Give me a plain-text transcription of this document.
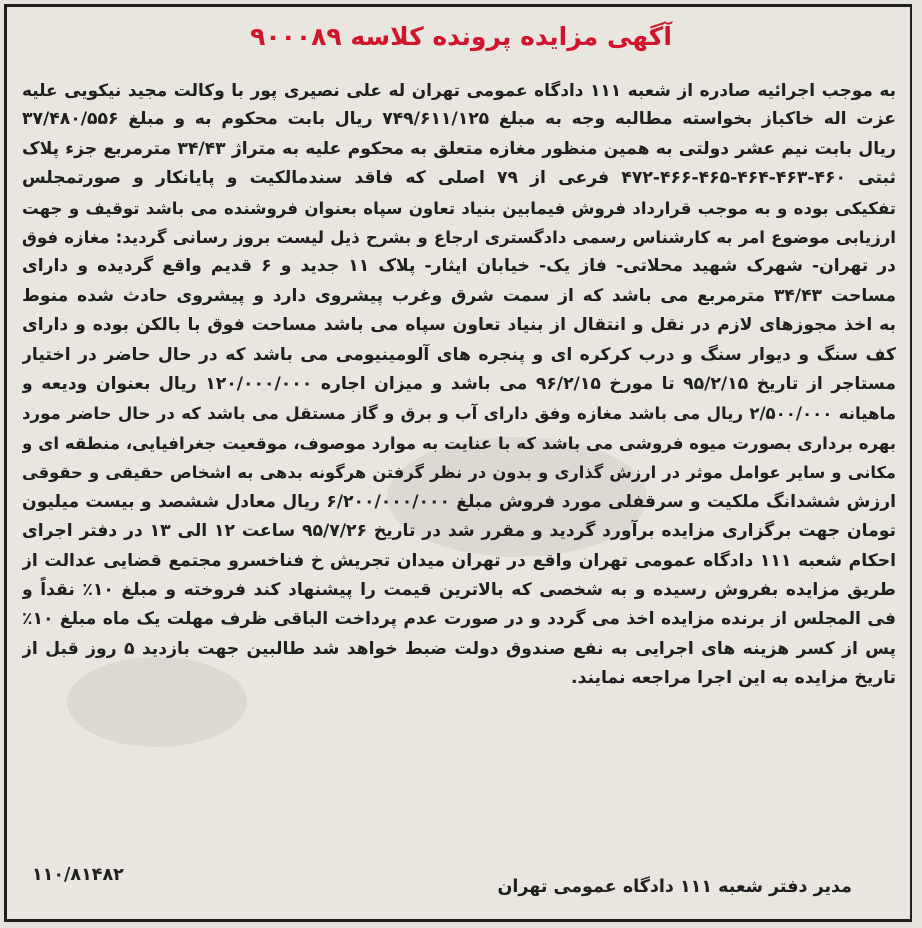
آگهی مزایده پرونده کلاسه ۹۰۰۰۸۹
به موجب اجرائیه صادره از شعبه ۱۱۱ دادگاه عمومی تهران له علی نصیری پور با وکالت مجید نیکویی علیه
عزت اله خاکباز بخواسته مطالبه وجه به مبلغ ۷۴۹/۶۱۱/۱۲۵ ریال بابت محکوم به و مبلغ ۳۷/۴۸۰/۵۵۶
ریال بابت نیم عشر دولتی به همین منظور مغازه متعلق به محکوم علیه به متراژ ۳۴/۴۳ مترمربع جزء پلاک
ثبتی ۴۶۰-۴۶۳-۴۶۴-۴۶۵-۴۶۶-۴۷۲ فرعی از ۷۹ اصلی که فاقد سندمالکیت و پایانکار و صورتمجلس
تفکیکی بوده و به موجب قرارداد فروش فیمابین بنیاد تعاون سپاه بعنوان فروشنده می باشد توقیف و جهت
ارزیابی موضوع امر به کارشناس رسمی دادگستری ارجاع و بشرح ذیل لیست بروز رسانی گردید: مغازه فوق
در تهران- شهرک شهید محلاتی- فاز یک- خیابان ایثار- پلاک ۱۱ جدید و ۶ قدیم واقع گردیده و دارای
مساحت ۳۴/۴۳ مترمربع می باشد که از سمت شرق وغرب پیشروی دارد و پیشروی حادث شده منوط
به اخذ مجوزهای لازم در نقل و انتقال از بنیاد تعاون سپاه می باشد مساحت فوق با بالکن بوده و دارای
کف سنگ و دیوار سنگ و درب کرکره ای و پنجره های آلومینیومی می باشد که در حال حاضر در اختیار
مستاجر از تاریخ ۹۵/۲/۱۵ تا مورخ ۹۶/۲/۱۵ می باشد و میزان اجاره ۱۲۰/۰۰۰/۰۰۰ ریال بعنوان ودیعه و
ماهیانه ۲/۵۰۰/۰۰۰ ریال می باشد مغازه وفق دارای آب و برق و گاز مستقل می باشد که در حال حاضر مورد
بهره برداری بصورت میوه فروشی می باشد که با عنایت به موارد موصوف، موقعیت جغرافیایی، منطقه ای و
مکانی و سایر عوامل موثر در ارزش گذاری و بدون در نظر گرفتن هرگونه بدهی به اشخاص حقیقی و حقوقی
ارزش ششدانگ ملکیت و سرقفلی مورد فروش مبلغ ۶/۲۰۰/۰۰۰/۰۰۰ ریال معادل ششصد و بیست میلیون
تومان جهت برگزاری مزایده برآورد گردید و مقرر شد در تاریخ ۹۵/۷/۲۶ ساعت ۱۲ الی ۱۳ در دفتر اجرای
احکام شعبه ۱۱۱ دادگاه عمومی تهران واقع در تهران میدان تجریش خ فناخسرو مجتمع قضایی عدالت از
طریق مزایده بفروش رسیده و به شخصی که بالاترین قیمت را پیشنهاد کند فروخته و مبلغ ۱۰٪ نقداً و
فی المجلس از برنده مزایده اخذ می گردد و در صورت عدم پرداخت الباقی ظرف مهلت یک ماه مبلغ ۱۰٪
پس از کسر هزینه های اجرایی به نفع صندوق دولت ضبط خواهد شد طالبین جهت بازدید ۵ روز قبل از
تاریخ مزایده به این اجرا مراجعه نمایند.
مدیر دفتر شعبه ۱۱۱ دادگاه عمومی تهران
۱۱۰/۸۱۴۸۲
